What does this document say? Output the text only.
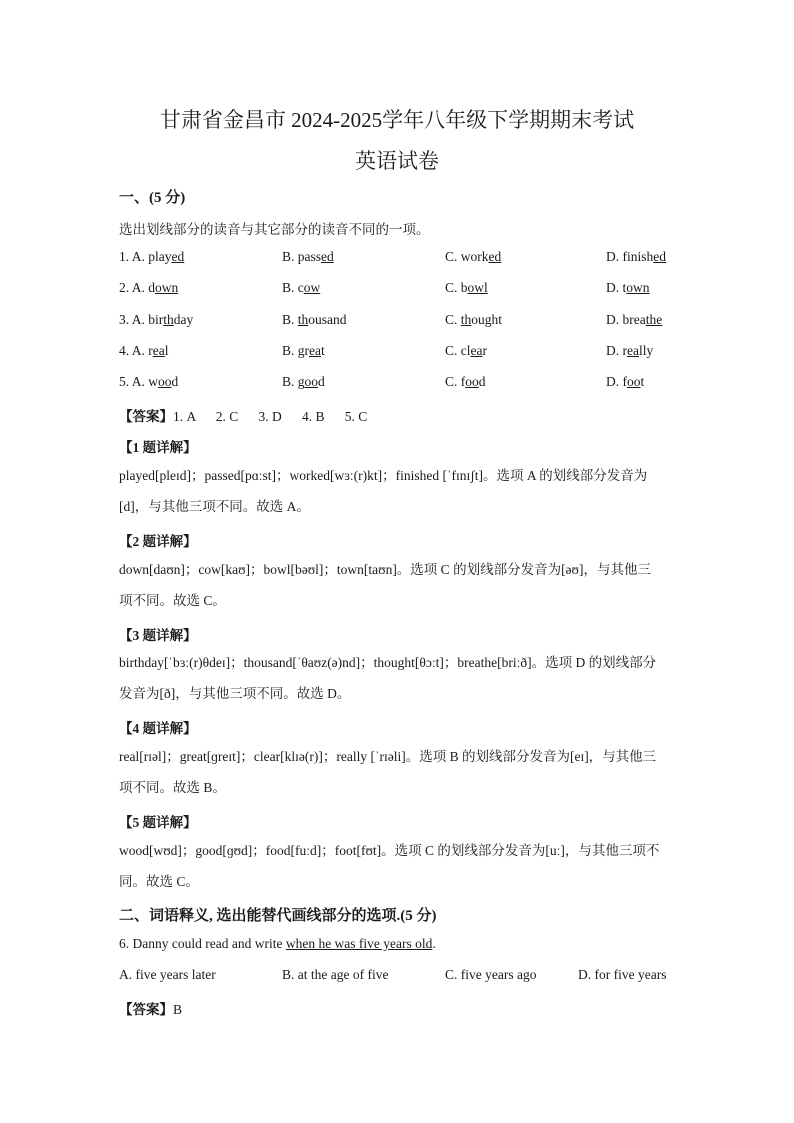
甘肃省金昌市 2024-2025学年八年级下学期期末考试
英语试卷
一、(5 分)
选出划线部分的读音与其它部分的读音不同的一项。
1. A. played	B. passed	C. worked	D. finished
2. A. down	B. cow	C. bowl	D. town
3. A. birthday	B. thousand	C. thought	D. breathe
4. A. real	B. great	C. clear	D. really
5. A. wood	B. good	C. food	D. foot
【答案】1. A      2. C      3. D      4. B      5. C
【1 题详解】
played[pleɪd]；passed[pɑːst]；worked[wɜː(r)kt]；finished [ˈfɪnɪʃt]。选项 A 的划线部分发音为
[d]，与其他三项不同。故选 A。
【2 题详解】
down[daʊn]；cow[kaʊ]；bowl[bəʊl]；town[taʊn]。选项 C 的划线部分发音为[əʊ]，与其他三
项不同。故选 C。
【3 题详解】
birthday[ˈbɜː(r)θdeɪ]；thousand[ˈθaʊz(ə)nd]；thought[θɔːt]；breathe[briːð]。选项 D 的划线部分
发音为[ð]，与其他三项不同。故选 D。
【4 题详解】
real[rɪəl]；great[ɡreɪt]；clear[klɪə(r)]；really [ˈrɪəli]。选项 B 的划线部分发音为[eɪ]，与其他三
项不同。故选 B。
【5 题详解】
wood[wʊd]；good[ɡʊd]；food[fuːd]；foot[fʊt]。选项 C 的划线部分发音为[uː]，与其他三项不
同。故选 C。
二、词语释义, 选出能替代画线部分的选项.(5 分)
6. Danny could read and write when he was five years old.
A. five years later	B. at the age of five	C. five years ago	D. for five years
【答案】B
